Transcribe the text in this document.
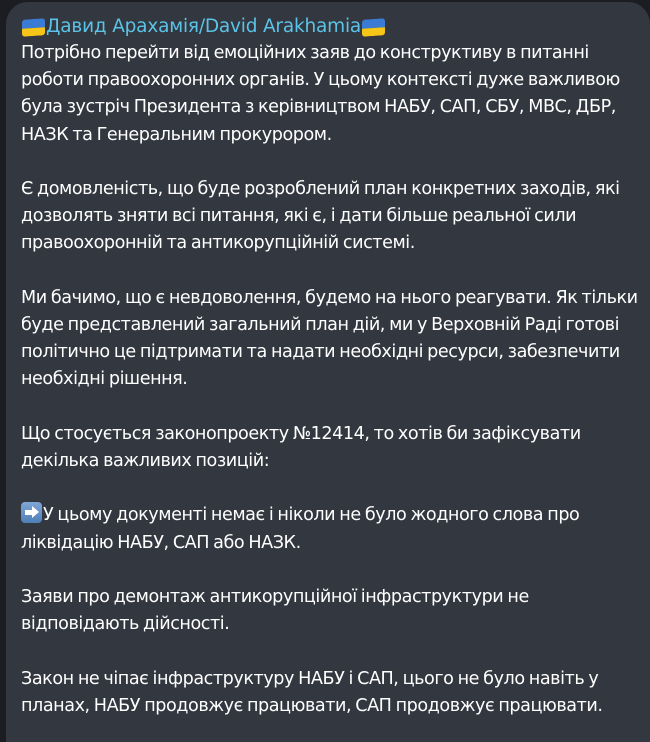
Давид Арахамія/David Arakhamia

Потрібно перейти від емоційних заяв до конструктиву в питанні роботи правоохоронних органів. У цьому контексті дуже важливою була зустріч Президента з керівництвом НАБУ, САП, СБУ, МВС, ДБР, НАЗК та Генеральним прокурором.

Є домовленість, що буде розроблений план конкретних заходів, які дозволять зняти всі питання, які є, і дати більше реальної сили правоохоронній та антикорупційній системі.

Ми бачимо, що є невдоволення, будемо на нього реагувати. Як тільки буде представлений загальний план дій, ми у Верховній Раді готові політично це підтримати та надати необхідні ресурси, забезпечити необхідні рішення.

Що стосується законопроекту №12414, то хотів би зафіксувати декілька важливих позицій:

У цьому документі немає і ніколи не було жодного слова про ліквідацію НАБУ, САП або НАЗК.

Заяви про демонтаж антикорупційної інфраструктури не відповідають дійсності.

Закон не чіпає інфраструктуру НАБУ і САП, цього не було навіть у планах, НАБУ продовжує працювати, САП продовжує працювати.
